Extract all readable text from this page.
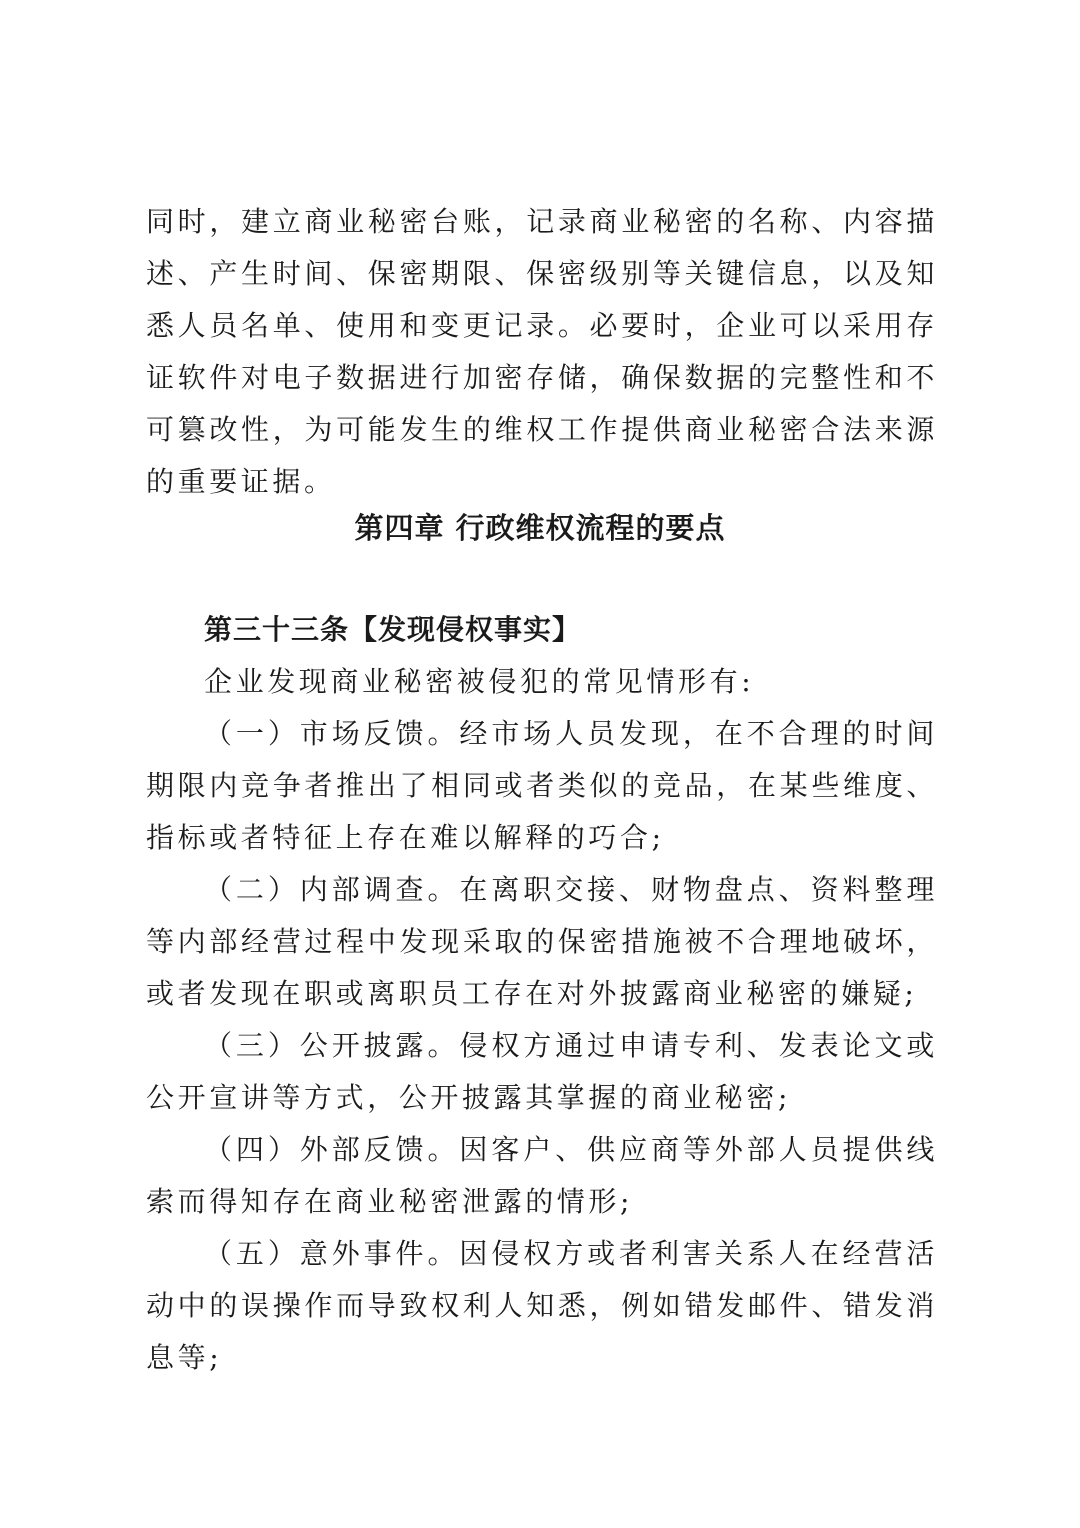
同时，建立商业秘密台账，记录商业秘密的名称、内容描述、产生时间、保密期限、保密级别等关键信息，以及知悉人员名单、使用和变更记录。必要时，企业可以采用存证软件对电子数据进行加密存储，确保数据的完整性和不可篡改性，为可能发生的维权工作提供商业秘密合法来源的重要证据。

第四章 行政维权流程的要点
第三十三条【发现侵权事实】

企业发现商业秘密被侵犯的常见情形有:

（一）市场反馈。经市场人员发现，在不合理的时间期限内竞争者推出了相同或者类似的竞品，在某些维度、指标或者特征上存在难以解释的巧合;

（二）内部调查。在离职交接、财物盘点、资料整理等内部经营过程中发现采取的保密措施被不合理地破坏，或者发现在职或离职员工存在对外披露商业秘密的嫌疑;

（三）公开披露。侵权方通过申请专利、发表论文或公开宣讲等方式，公开披露其掌握的商业秘密;

（四）外部反馈。因客户、供应商等外部人员提供线索而得知存在商业秘密泄露的情形;

（五）意外事件。因侵权方或者利害关系人在经营活动中的误操作而导致权利人知悉，例如错发邮件、错发消息等;
